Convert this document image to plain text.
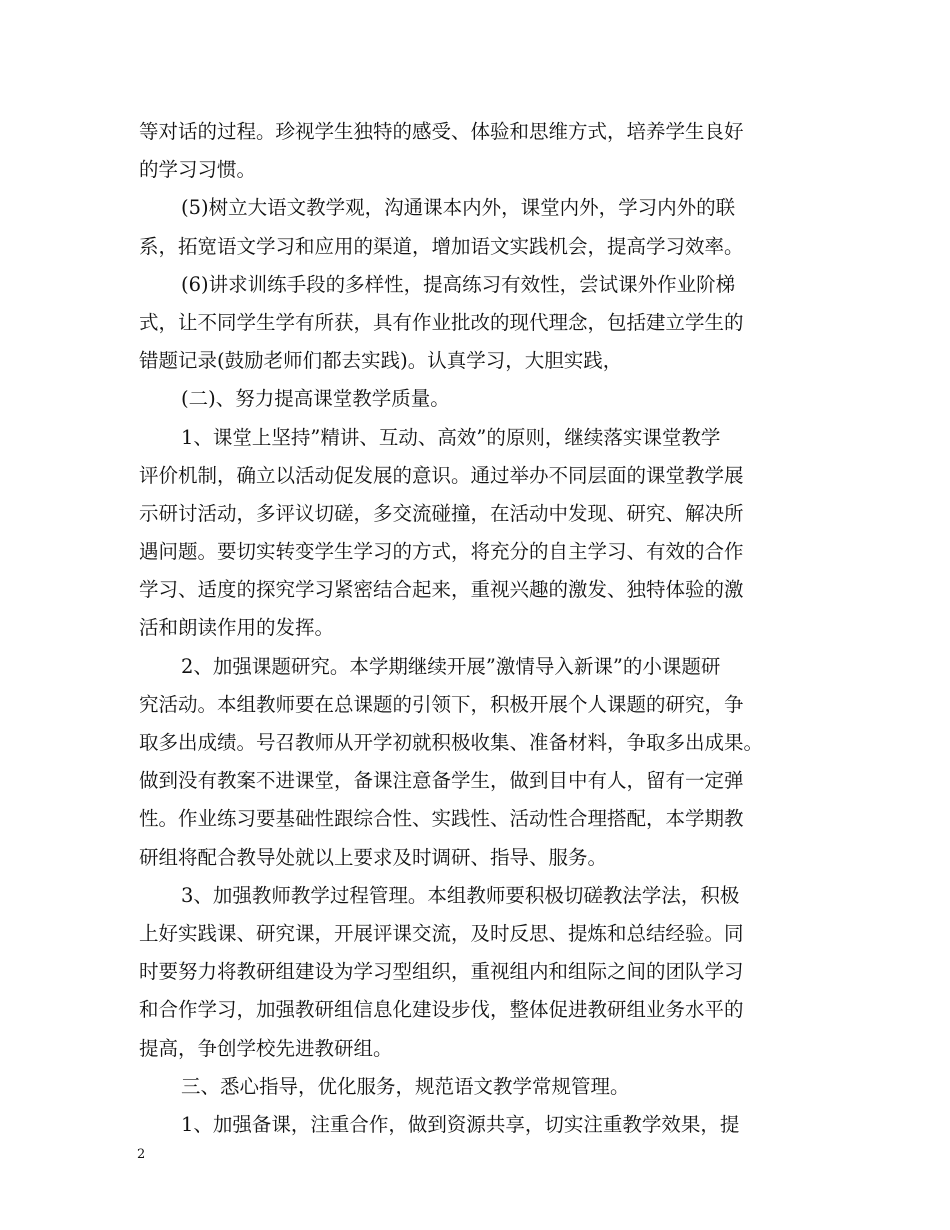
等对话的过程。珍视学生独特的感受、体验和思维方式，培养学生良好
的学习习惯。
(5)树立大语文教学观，沟通课本内外，课堂内外，学习内外的联
系，拓宽语文学习和应用的渠道，增加语文实践机会，提高学习效率。
(6)讲求训练手段的多样性，提高练习有效性，尝试课外作业阶梯
式，让不同学生学有所获，具有作业批改的现代理念，包括建立学生的
错题记录(鼓励老师们都去实践)。认真学习，大胆实践，
(二)、努力提高课堂教学质量。
1、课堂上坚持”精讲、互动、高效”的原则，继续落实课堂教学
评价机制，确立以活动促发展的意识。通过举办不同层面的课堂教学展
示研讨活动，多评议切磋，多交流碰撞，在活动中发现、研究、解决所
遇问题。要切实转变学生学习的方式，将充分的自主学习、有效的合作
学习、适度的探究学习紧密结合起来，重视兴趣的激发、独特体验的激
活和朗读作用的发挥。
2、加强课题研究。本学期继续开展”激情导入新课”的小课题研
究活动。本组教师要在总课题的引领下，积极开展个人课题的研究，争
取多出成绩。号召教师从开学初就积极收集、准备材料，争取多出成果。
做到没有教案不进课堂，备课注意备学生，做到目中有人，留有一定弹
性。作业练习要基础性跟综合性、实践性、活动性合理搭配，本学期教
研组将配合教导处就以上要求及时调研、指导、服务。
3、加强教师教学过程管理。本组教师要积极切磋教法学法，积极
上好实践课、研究课，开展评课交流，及时反思、提炼和总结经验。同
时要努力将教研组建设为学习型组织，重视组内和组际之间的团队学习
和合作学习，加强教研组信息化建设步伐，整体促进教研组业务水平的
提高，争创学校先进教研组。
三、悉心指导，优化服务，规范语文教学常规管理。
1、加强备课，注重合作，做到资源共享，切实注重教学效果，提
2
